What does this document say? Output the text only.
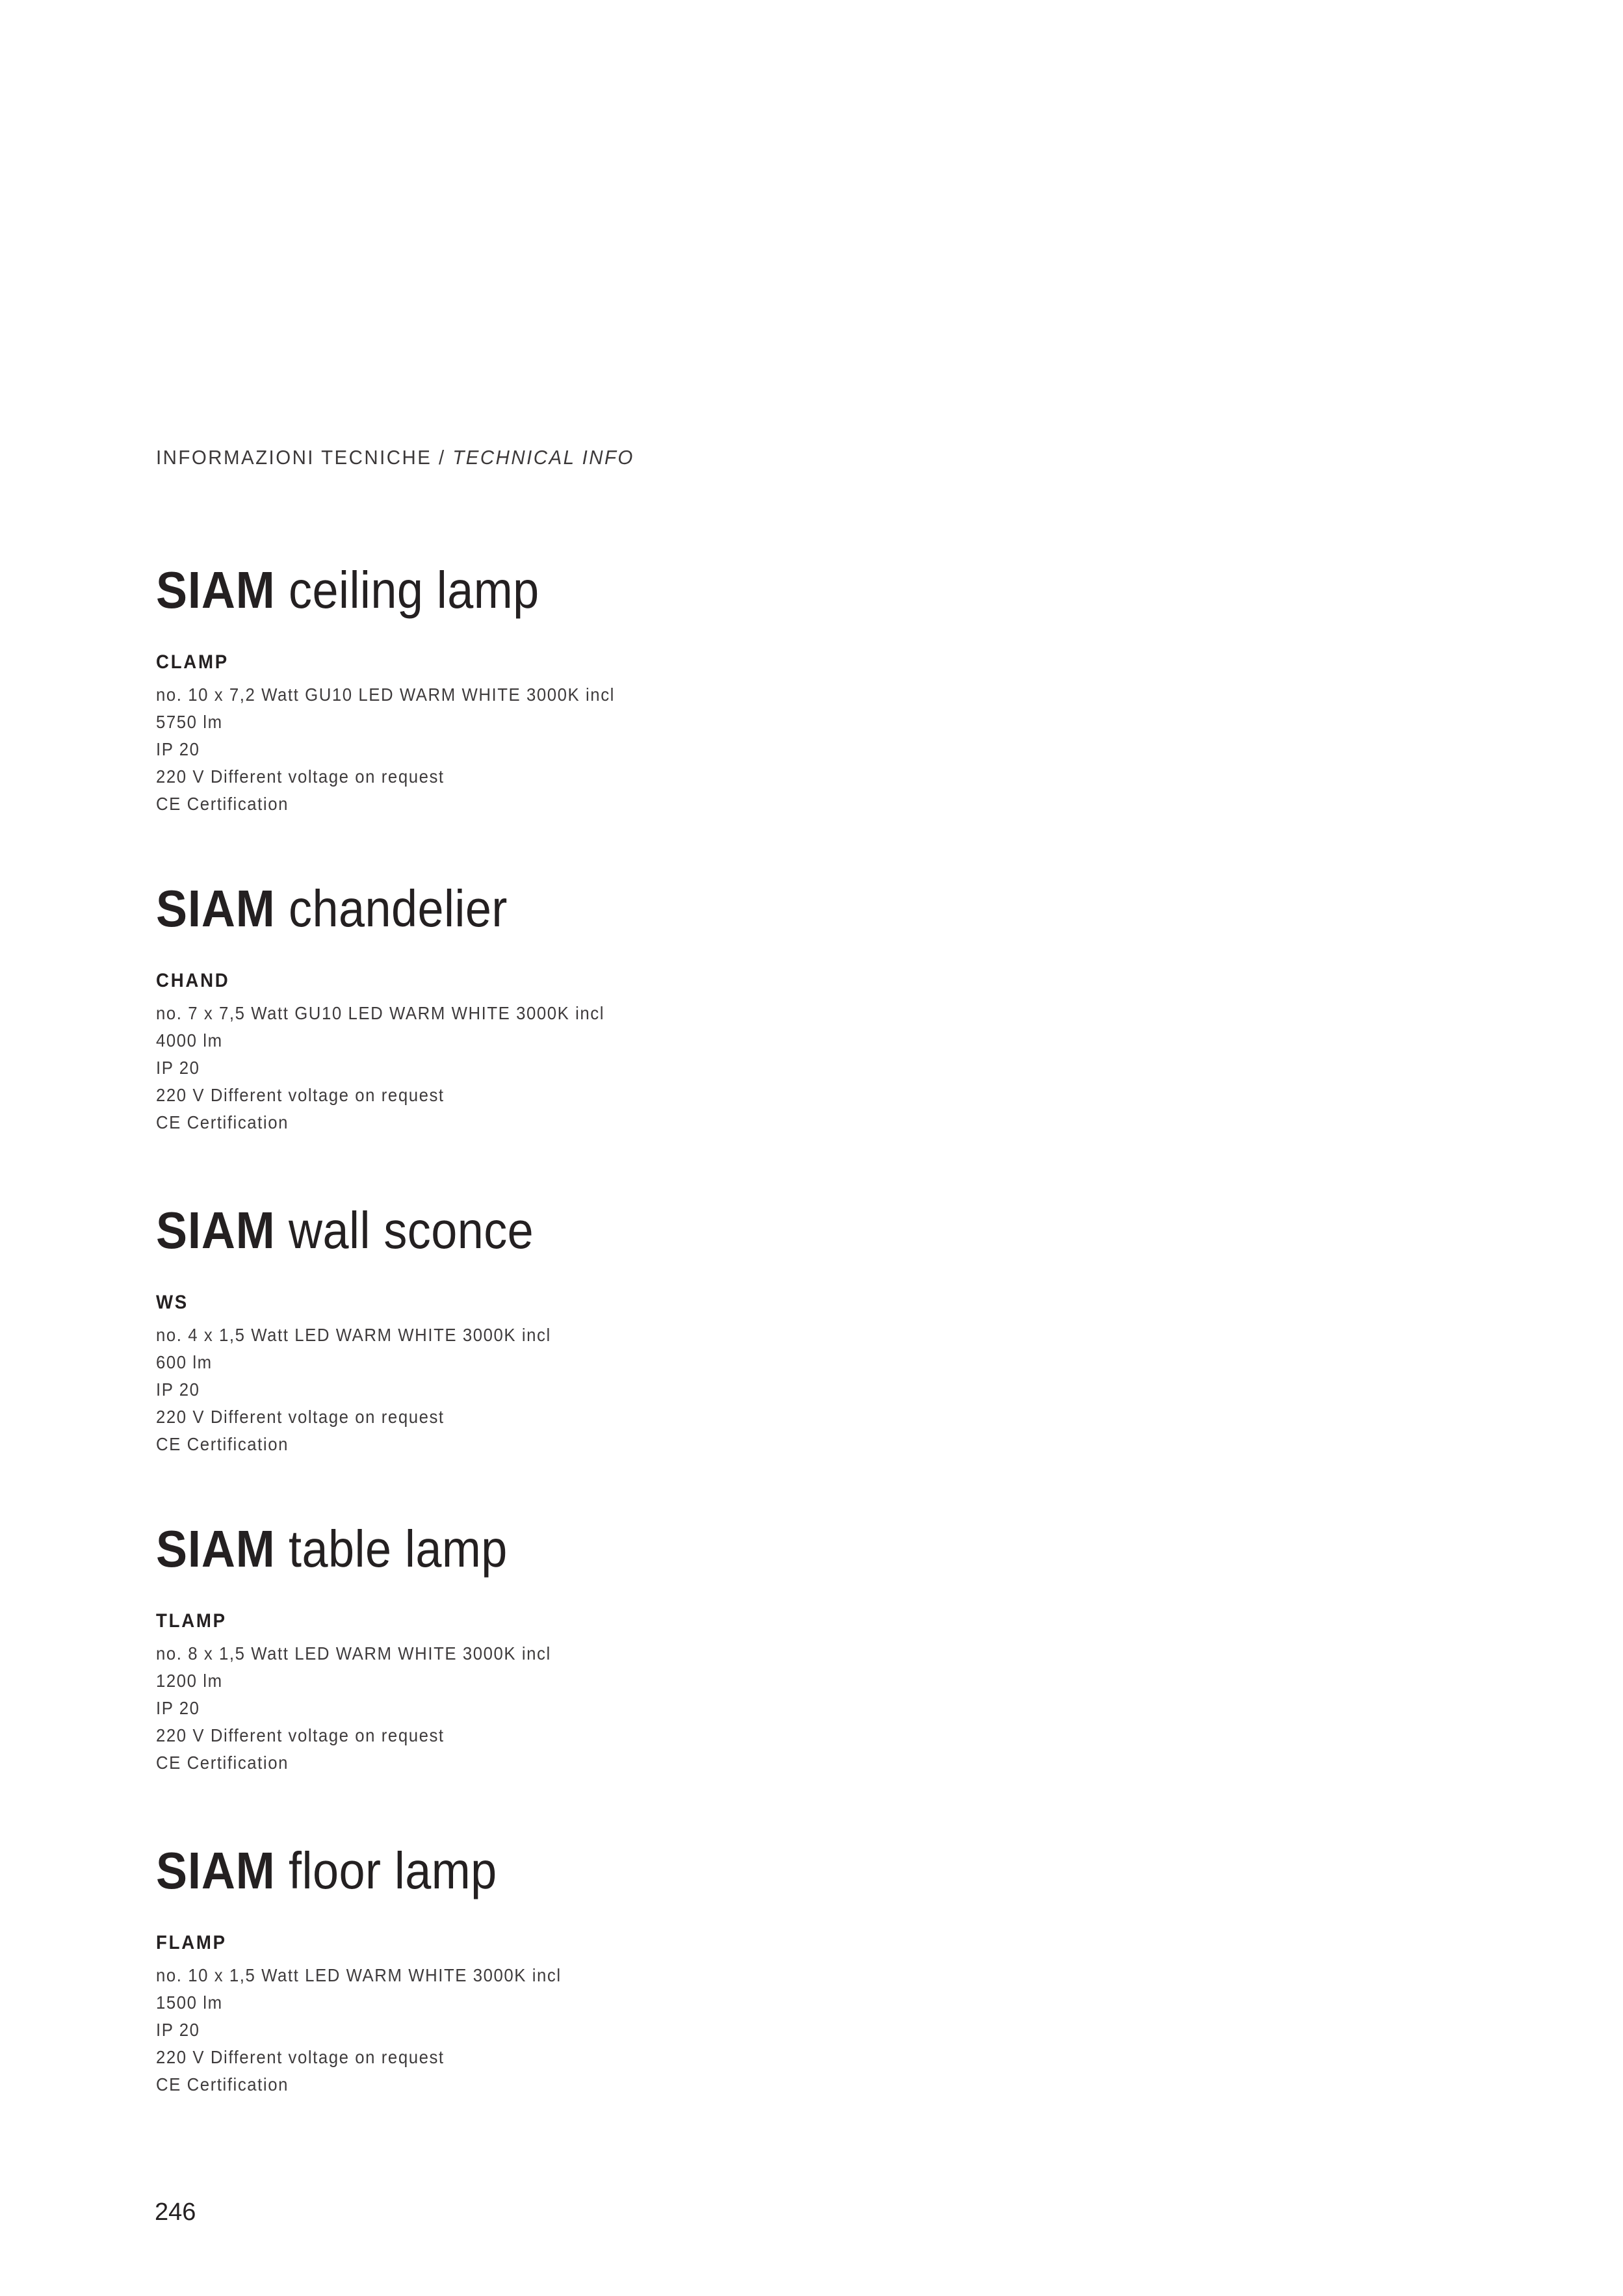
INFORMAZIONI TECNICHE / TECHNICAL INFO
SIAM ceiling lamp
CLAMP
no. 10 x 7,2 Watt GU10 LED WARM WHITE 3000K incl
5750 lm
IP 20
220 V Different voltage on request
CE Certification
SIAM chandelier
CHAND
no. 7 x 7,5 Watt GU10 LED WARM WHITE 3000K incl
4000 lm
IP 20
220 V Different voltage on request
CE Certification
SIAM wall sconce
WS
no. 4 x 1,5 Watt LED WARM WHITE 3000K incl
600 lm
IP 20
220 V Different voltage on request
CE Certification
SIAM table lamp
TLAMP
no. 8 x 1,5 Watt LED WARM WHITE 3000K incl
1200 lm
IP 20
220 V Different voltage on request
CE Certification
SIAM floor lamp
FLAMP
no. 10 x 1,5 Watt LED WARM WHITE 3000K incl
1500 lm
IP 20
220 V Different voltage on request
CE Certification
246
